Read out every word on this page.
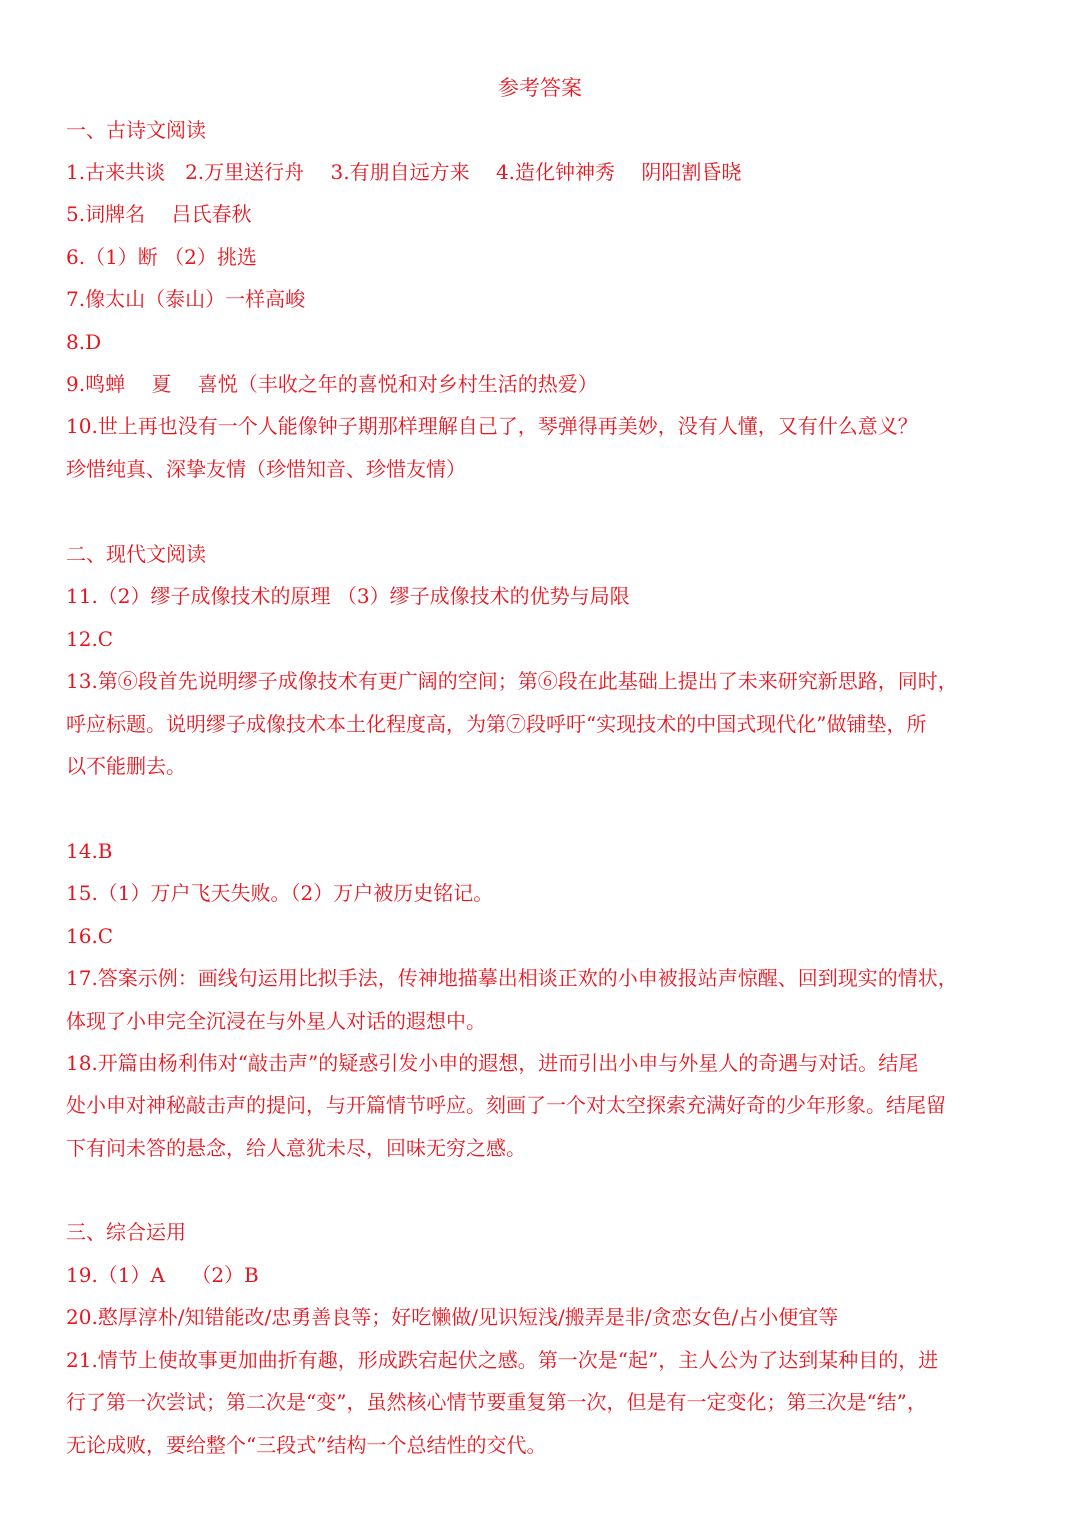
参考答案
一、古诗文阅读
1.古来共谈　2.万里送行舟　 3.有朋自远方来　 4.造化钟神秀　 阴阳割昏晓
5.词牌名　 吕氏春秋
6.（1）断 （2）挑选
7.像太山（泰山）一样高峻
8.D
9.鸣蝉　 夏　 喜悦（丰收之年的喜悦和对乡村生活的热爱）
10.世上再也没有一个人能像钟子期那样理解自己了，琴弹得再美妙，没有人懂，又有什么意义？
珍惜纯真、深挚友情（珍惜知音、珍惜友情）
二、现代文阅读
11.（2）缪子成像技术的原理 （3）缪子成像技术的优势与局限
12.C
13.第⑥段首先说明缪子成像技术有更广阔的空间；第⑥段在此基础上提出了未来研究新思路，同时，
呼应标题。说明缪子成像技术本土化程度高，为第⑦段呼吁“实现技术的中国式现代化”做铺垫，所
以不能删去。
14.B
15.（1）万户飞天失败。（2）万户被历史铭记。
16.C
17.答案示例：画线句运用比拟手法，传神地描摹出相谈正欢的小申被报站声惊醒、回到现实的情状，
体现了小申完全沉浸在与外星人对话的遐想中。
18.开篇由杨利伟对“敲击声”的疑惑引发小申的遐想，进而引出小申与外星人的奇遇与对话。结尾
处小申对神秘敲击声的提问，与开篇情节呼应。刻画了一个对太空探索充满好奇的少年形象。结尾留
下有问未答的悬念，给人意犹未尽，回味无穷之感。
三、综合运用
19.（1）A　 （2）B
20.憨厚淳朴/知错能改/忠勇善良等；好吃懒做/见识短浅/搬弄是非/贪恋女色/占小便宜等
21.情节上使故事更加曲折有趣，形成跌宕起伏之感。第一次是“起”，主人公为了达到某种目的，进
行了第一次尝试；第二次是“变”，虽然核心情节要重复第一次，但是有一定变化；第三次是“结”，
无论成败，要给整个“三段式”结构一个总结性的交代。
